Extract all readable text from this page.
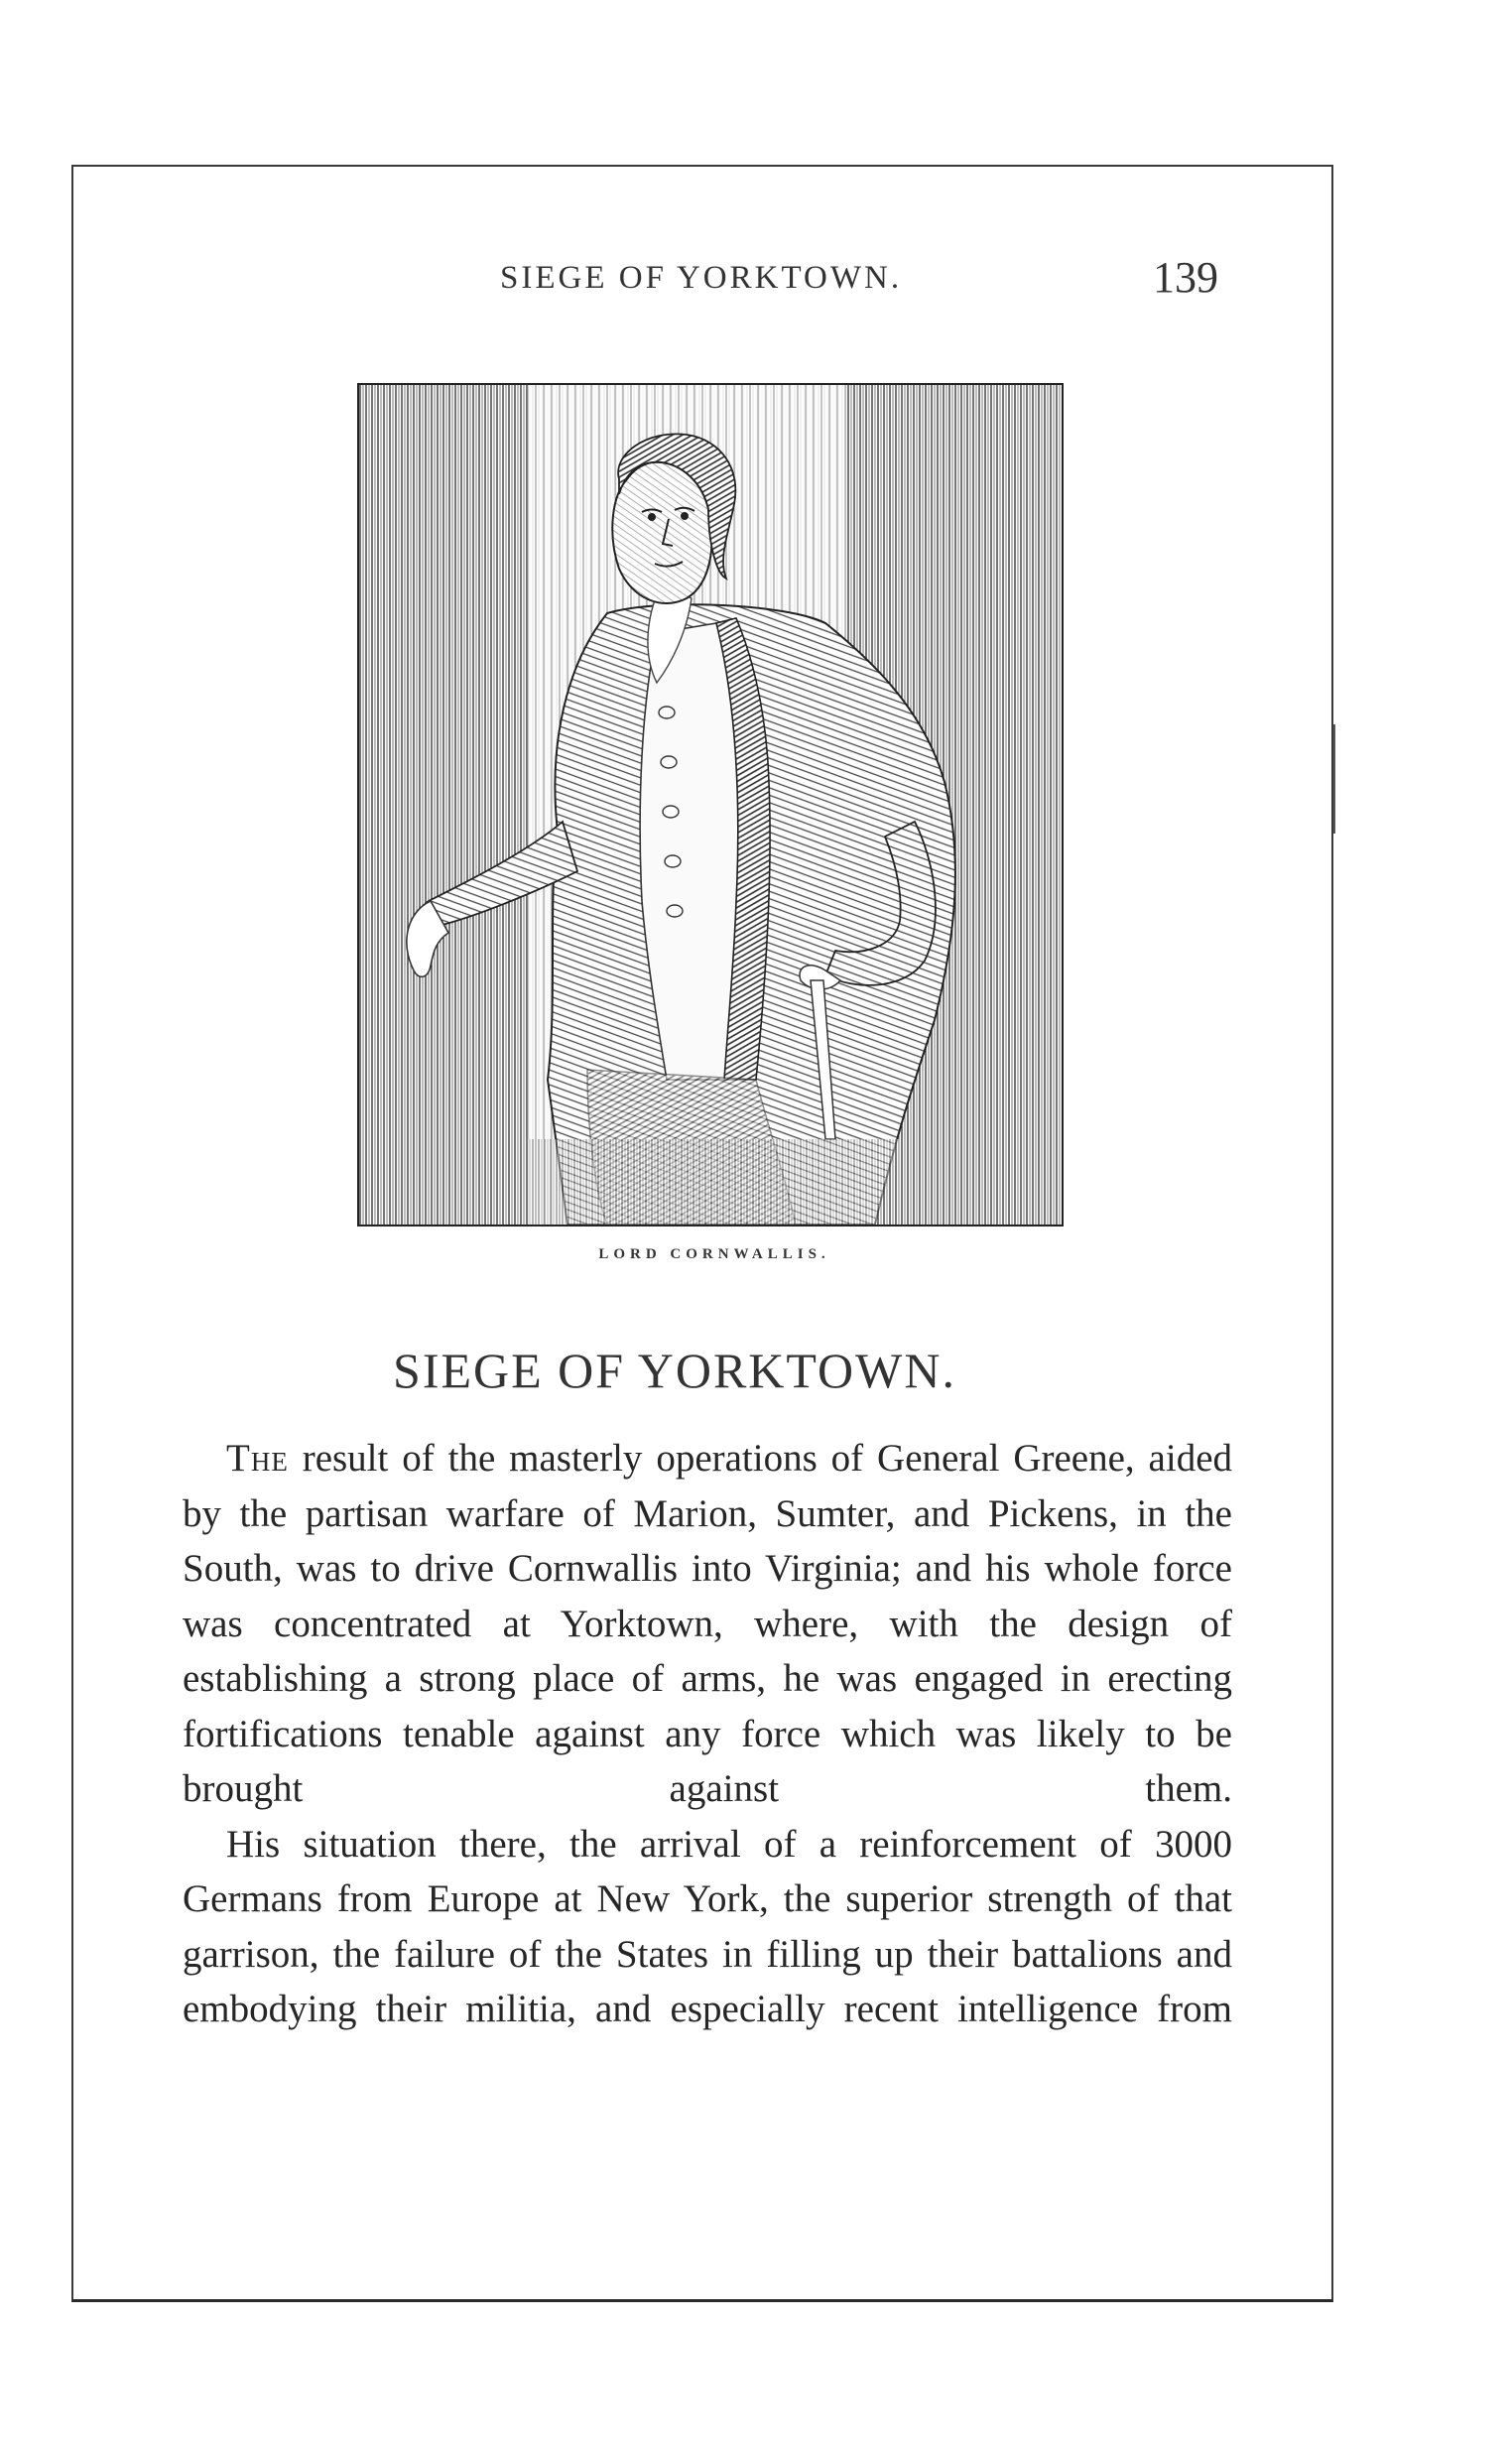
SIEGE OF YORKTOWN.	139
LORD CORNWALLIS.
SIEGE OF YORKTOWN.

The result of the masterly operations of General Greene, aided by the partisan warfare of Marion, Sumter, and Pickens, in the South, was to drive Cornwallis into Virginia; and his whole force was concentrated at Yorktown, where, with the design of establishing a strong place of arms, he was engaged in erecting fortifications tenable against any force which was likely to be brought against them.

His situation there, the arrival of a reinforcement of 3000 Germans from Europe at New York, the superior strength of that garrison, the failure of the States in filling up their battalions and embodying their militia, and especially recent intelligence from
